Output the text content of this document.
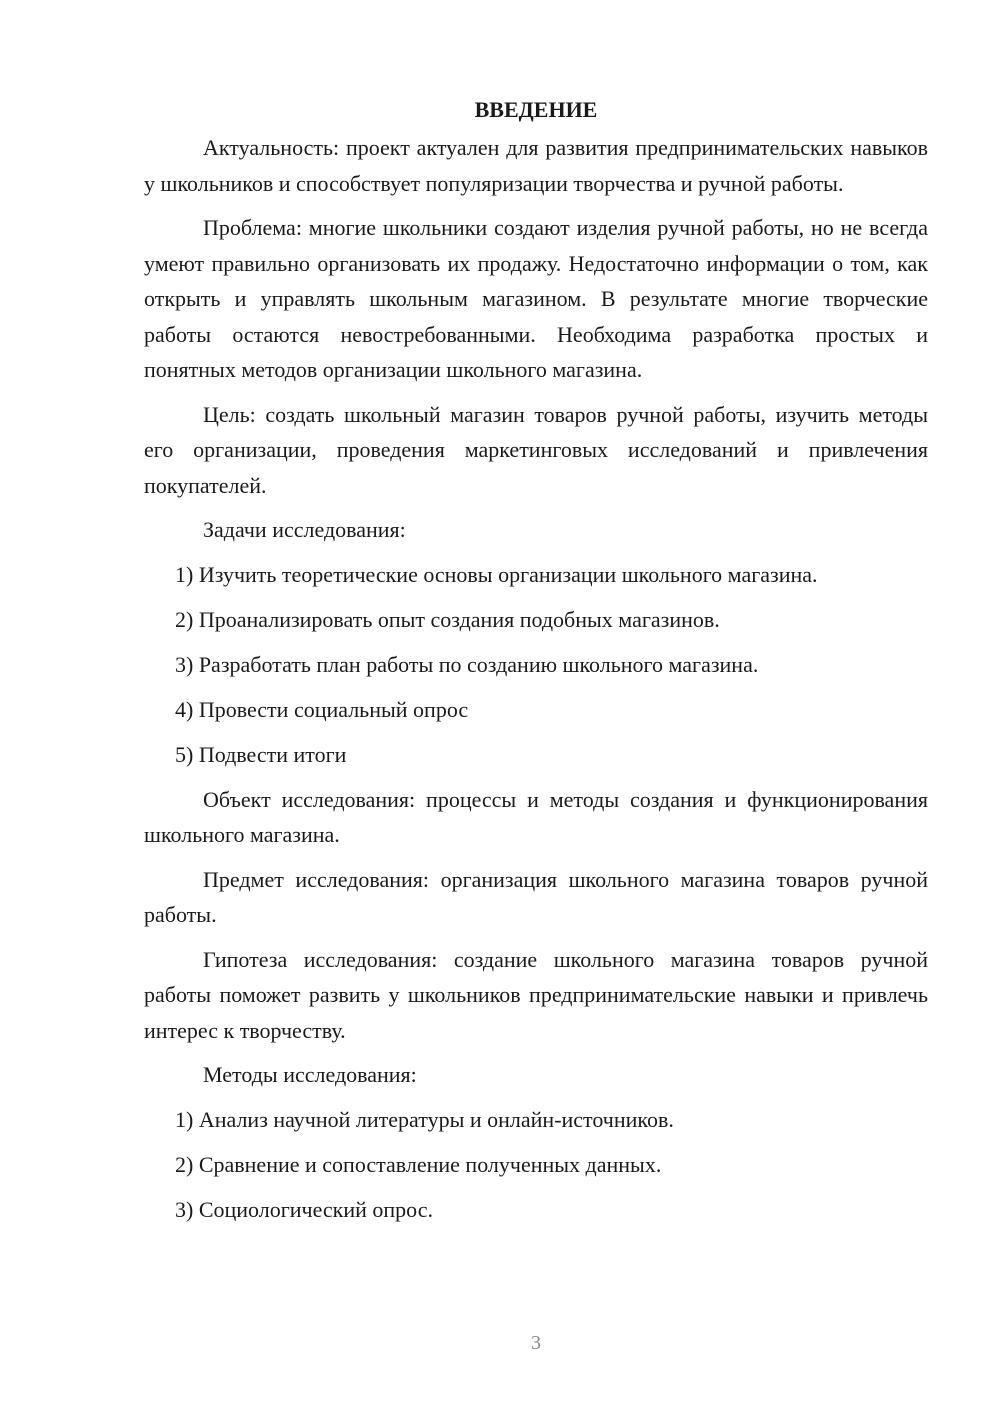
ВВЕДЕНИЕ

Актуальность: проект актуален для развития предпринимательских навыков у школьников и способствует популяризации творчества и ручной работы.

Проблема: многие школьники создают изделия ручной работы, но не всегда умеют правильно организовать их продажу. Недостаточно информации о том, как открыть и управлять школьным магазином. В результате многие творческие работы остаются невостребованными. Необходима разработка простых и понятных методов организации школьного магазина.

Цель: создать школьный магазин товаров ручной работы, изучить методы его организации, проведения маркетинговых исследований и привлечения покупателей.

Задачи исследования:

1) Изучить теоретические основы организации школьного магазина.
2) Проанализировать опыт создания подобных магазинов.
3) Разработать план работы по созданию школьного магазина.
4) Провести социальный опрос
5) Подвести итоги

Объект исследования: процессы и методы создания и функционирования школьного магазина.

Предмет исследования: организация школьного магазина товаров ручной работы.

Гипотеза исследования: создание школьного магазина товаров ручной работы поможет развить у школьников предпринимательские навыки и привлечь интерес к творчеству.

Методы исследования:

1) Анализ научной литературы и онлайн-источников.
2) Сравнение и сопоставление полученных данных.
3) Социологический опрос.
3
